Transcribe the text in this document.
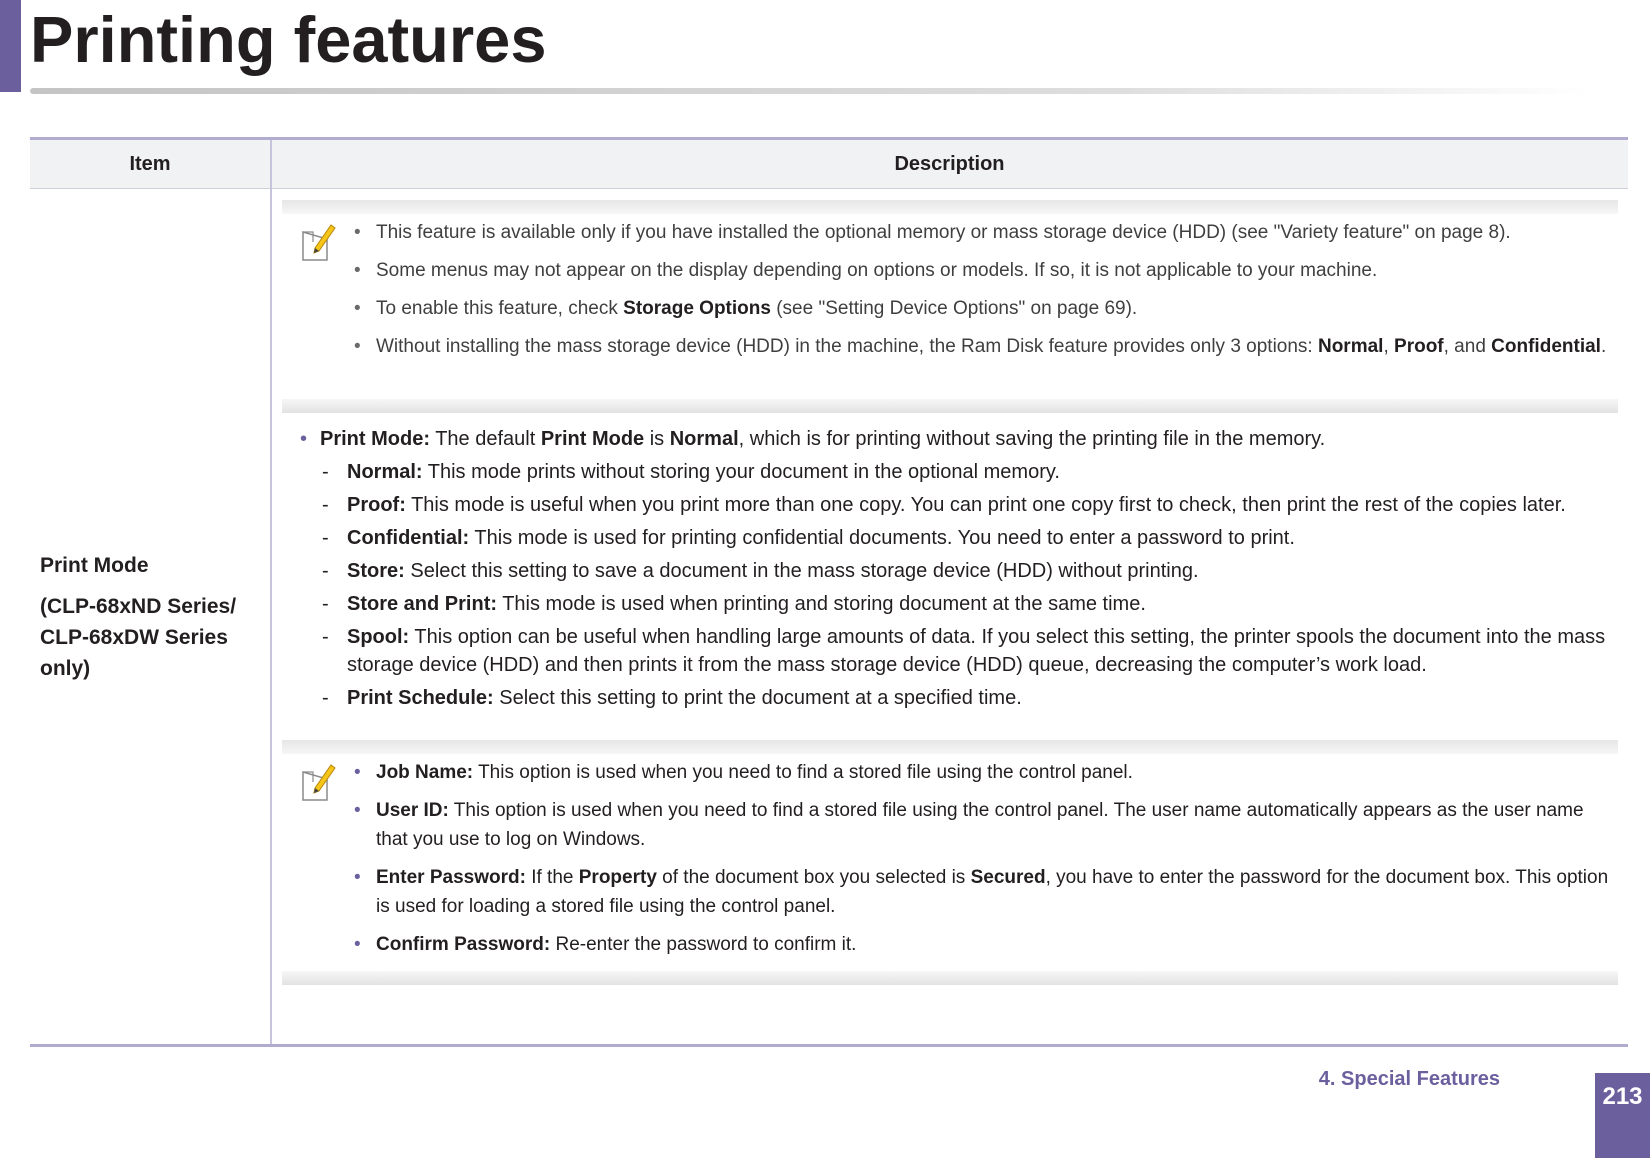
Printing features
Item	Description

Print Mode

(CLP-68xND Series/ CLP-68xDW Series only)

• This feature is available only if you have installed the optional memory or mass storage device (HDD) (see "Variety feature" on page 8).
• Some menus may not appear on the display depending on options or models. If so, it is not applicable to your machine.
• To enable this feature, check Storage Options (see "Setting Device Options" on page 69).
• Without installing the mass storage device (HDD) in the machine, the Ram Disk feature provides only 3 options: Normal, Proof, and Confidential.
• Print Mode: The default Print Mode is Normal, which is for printing without saving the printing file in the memory.
- Normal: This mode prints without storing your document in the optional memory.
- Proof: This mode is useful when you print more than one copy. You can print one copy first to check, then print the rest of the copies later.
- Confidential: This mode is used for printing confidential documents. You need to enter a password to print.
- Store: Select this setting to save a document in the mass storage device (HDD) without printing.
- Store and Print: This mode is used when printing and storing document at the same time.
- Spool: This option can be useful when handling large amounts of data. If you select this setting, the printer spools the document into the mass storage device (HDD) and then prints it from the mass storage device (HDD) queue, decreasing the computer’s work load.
- Print Schedule: Select this setting to print the document at a specified time.
• Job Name: This option is used when you need to find a stored file using the control panel.
• User ID: This option is used when you need to find a stored file using the control panel. The user name automatically appears as the user name that you use to log on Windows.
• Enter Password: If the Property of the document box you selected is Secured, you have to enter the password for the document box. This option is used for loading a stored file using the control panel.
• Confirm Password: Re-enter the password to confirm it.
4. Special Features
213
